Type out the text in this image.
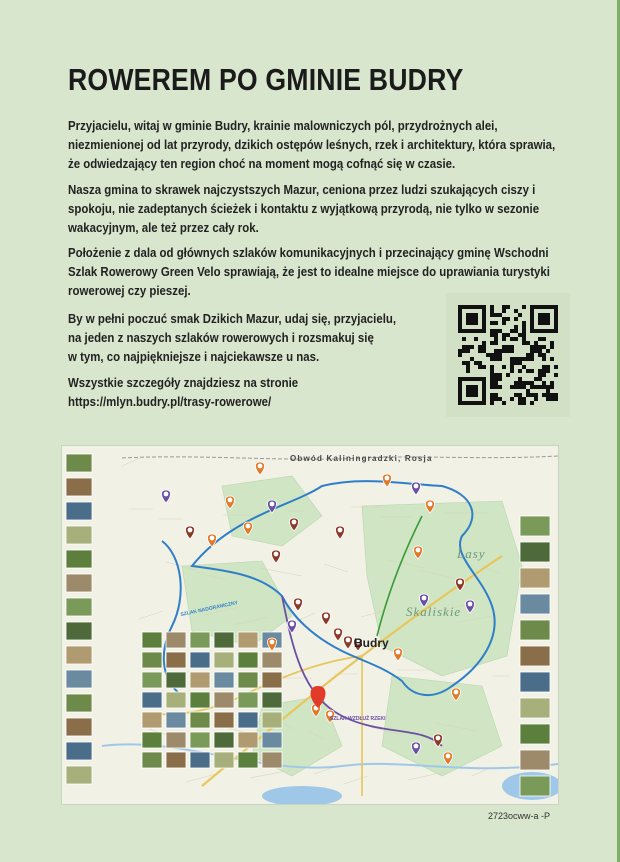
ROWEREM PO GMINIE BUDRY

Przyjacielu, witaj w gminie Budry, krainie malowniczych pól, przydrożnych alei, niezmienionej od lat przyrody, dzikich ostępów leśnych, rzek i architektury, która sprawia, że odwiedzający ten region choć na moment mogą cofnąć się w czasie.

Nasza gmina to skrawek najczystszych Mazur, ceniona przez ludzi szukających ciszy i spokoju, nie zadeptanych ścieżek i kontaktu z wyjątkową przyrodą, nie tylko w sezonie wakacyjnym, ale też przez cały rok.

Położenie z dala od głównych szlaków komunikacyjnych i przecinający gminę Wschodni Szlak Rowerowy Green Velo sprawiają, że jest to idealne miejsce do uprawiania turystyki rowerowej czy pieszej.

By w pełni poczuć smak Dzikich Mazur, udaj się, przyjacielu,

na jeden z naszych szlaków rowerowych i rozsmakuj się

w tym, co najpiękniejsze i najciekawsze u nas.

Wszystkie szczegóły znajdziesz na stronie

https://mlyn.budry.pl/trasy-rowerowe/

Obwód Kaliningradzki, Rosja
Budry
Lasy
Skaliskie
SZLAK NADGRANICZNY
SZLAK WZDŁUŻ RZEKI
2723ocww-a -P
